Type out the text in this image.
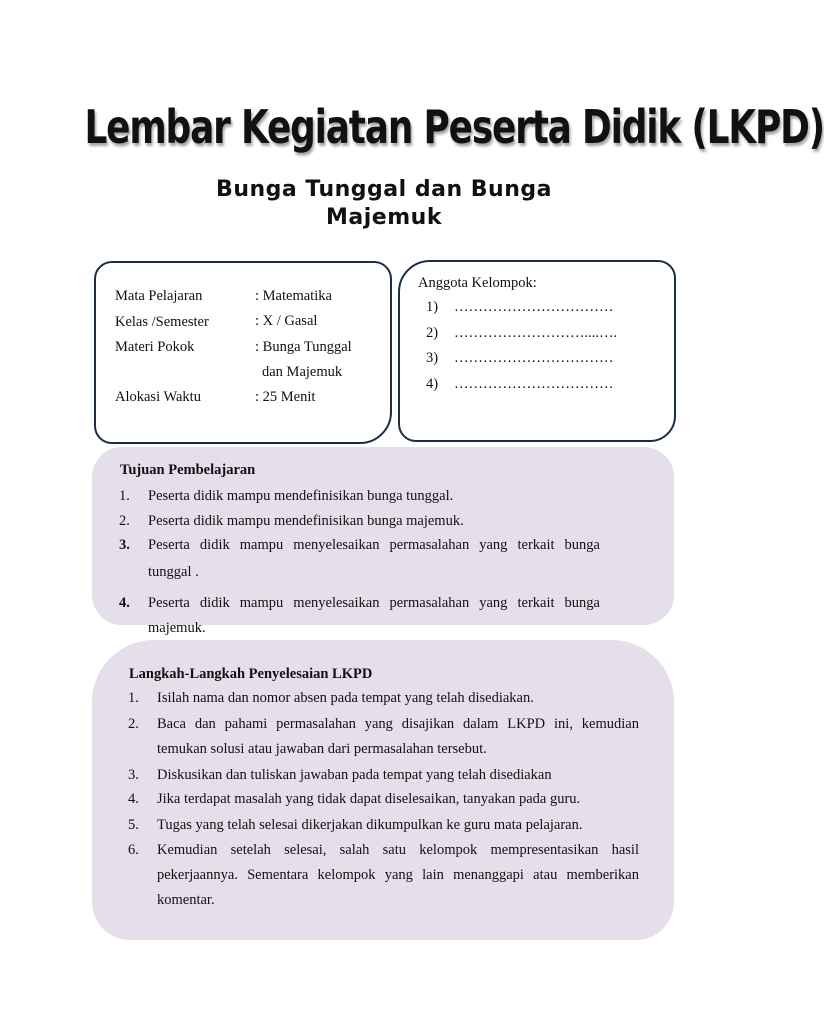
Lembar Kegiatan Peserta Didik (LKPD)
Bunga Tunggal dan Bunga
Majemuk
Mata Pelajaran	: Matematika
Kelas /Semester	: X / Gasal
Materi Pokok	: Bunga Tunggal
dan Majemuk
Alokasi Waktu	: 25 Menit
Anggota Kelompok:
1) ……………………………
2) ………………………....….
3) ……………………………
4) ……………………………
Tujuan Pembelajaran
1. Peserta didik mampu mendefinisikan bunga tunggal.
2. Peserta didik mampu mendefinisikan bunga majemuk.
3. Peserta didik mampu menyelesaikan permasalahan yang terkait bunga
tunggal .
4. Peserta didik mampu menyelesaikan permasalahan yang terkait bunga
majemuk.
Langkah-Langkah Penyelesaian LKPD
1. Isilah nama dan nomor absen pada tempat yang telah disediakan.
2. Baca dan pahami permasalahan yang disajikan dalam LKPD ini, kemudian
temukan solusi atau jawaban dari permasalahan tersebut.
3. Diskusikan dan tuliskan jawaban pada tempat yang telah disediakan
4. Jika terdapat masalah yang tidak dapat diselesaikan, tanyakan pada guru.
5. Tugas yang telah selesai dikerjakan dikumpulkan ke guru mata pelajaran.
6. Kemudian setelah selesai, salah satu kelompok mempresentasikan hasil
pekerjaannya. Sementara kelompok yang lain menanggapi atau memberikan
komentar.
